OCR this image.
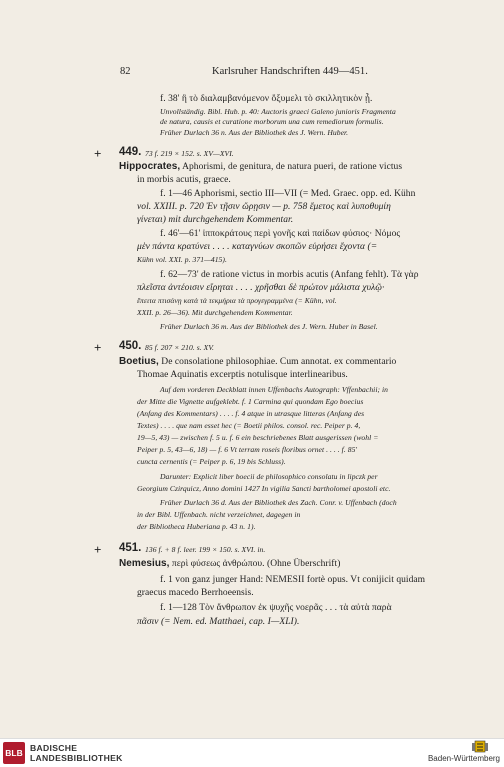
82	Karlsruher Handschriften 449—451.
f. 38' ἢ τὸ διαλαμβανόμενον ὄξυμελι τὸ σκιλλητικὸν ᾖ.
Unvollständig. Bibl. Hub. p. 40: Auctoris graeci Galeno junioris Fragmenta
de natura, causis et curatione morborum una cum remediorum formulis.
Früher Durlach 36 n. Aus der Bibliothek des J. Wern. Huber.
+ 449. 73 f. 219 × 152. s. XV—XVI.
Hippocrates, Aphorismi, de genitura, de natura pueri, de ratione victus
in morbis acutis, graece.
f. 1—46 Aphorismi, sectio III—VII (= Med. Graec. opp. ed. Kühn
vol. XXIII. p. 720 Ἐν τῇσιν ὥρῃσιν — p. 758 ἔμετος καὶ λυποθυμίη
γίνεται) mit durchgehendem Kommentar.
f. 46'—61' ἱπποκράτους περὶ γονῆς καὶ παίδων φύσιος· Νόμος
μὲν πάντα κρατύνει . . . . καταγνύων σκοπῶν εὑρήσει ἔχοντα (=
Kühn vol. XXI. p. 371—415).
f. 62—73' de ratione victus in morbis acutis (Anfang fehlt). Τὰ γὰρ
πλεῖστα ἀντέοισιν εἴρηται . . . . χρῆσθαι δὲ πρώτον μάλιστα χυλῷ·
ἔπειτα πτισάνῃ κατὰ τὰ τεκμήρια τὰ προγεγραμμένα (= Kühn, vol.
XXII. p. 26—36). Mit durchgehendem Kommentar.
Früher Durlach 36 m. Aus der Bibliothek des J. Wern. Huber in Basel.
+ 450. 85 f. 207 × 210. s. XV.
Boetius, De consolatione philosophiae. Cum annotat. ex commentario
Thomae Aquinatis excerptis notulisque interlinearibus.
Auf dem vorderen Deckblatt innen Uffenbachs Autograph: Vffenbachii; in
der Mitte die Vignette aufgeklebt. f. 1 Carmina qui quondam Ego boecius
(Anfang des Kommentars) . . . . f. 4 atque in utrasque litteras (Anfang des
Textes) . . . . que nam esset hec (= Boetii philos. consol. rec. Peiper p. 4,
19—5, 43) — zwischen f. 5 u. f. 6 ein beschriebenes Blatt ausgerissen (wohl =
Peiper p. 5, 43—6, 18) — f. 6 Vt terram roseis floribus ornet . . . . f. 85'
cuncta cernentis (= Peiper p. 6, 19 bis Schluss).
Darunter: Explicit liber boecii de philosophico consolatu in lipczk per
Georgium Czirquicz, Anno domini 1427 In vigilia Sancti bartholomei apostoli etc.
Früher Durlach 36 d. Aus der Bibliothek des Zach. Conr. v. Uffenbach (doch
in der Bibl. Uffenbach. nicht verzeichnet, dagegen in
der Bibliotheca Huberiana p. 43 n. 1).
+ 451. 136 f. + 8 f. leer. 199 × 150. s. XVI. in.
Nemesius, περὶ φύσεως ἀνθρώπου. (Ohne Überschrift)
f. 1 von ganz junger Hand: NEMESII fortè opus. Vt conijicit quidam
graecus macedo Berrhoeensis.
f. 1—128 Τὸν ἄνθρωπον ἐκ ψυχῆς νοερᾶς . . . τὰ αὐτὰ παρὰ
πᾶσιν (= Nem. ed. Matthaei, cap. I—XLI).
BLB BADISCHE
LANDESBIBLIOTHEK	Baden-Württemberg
